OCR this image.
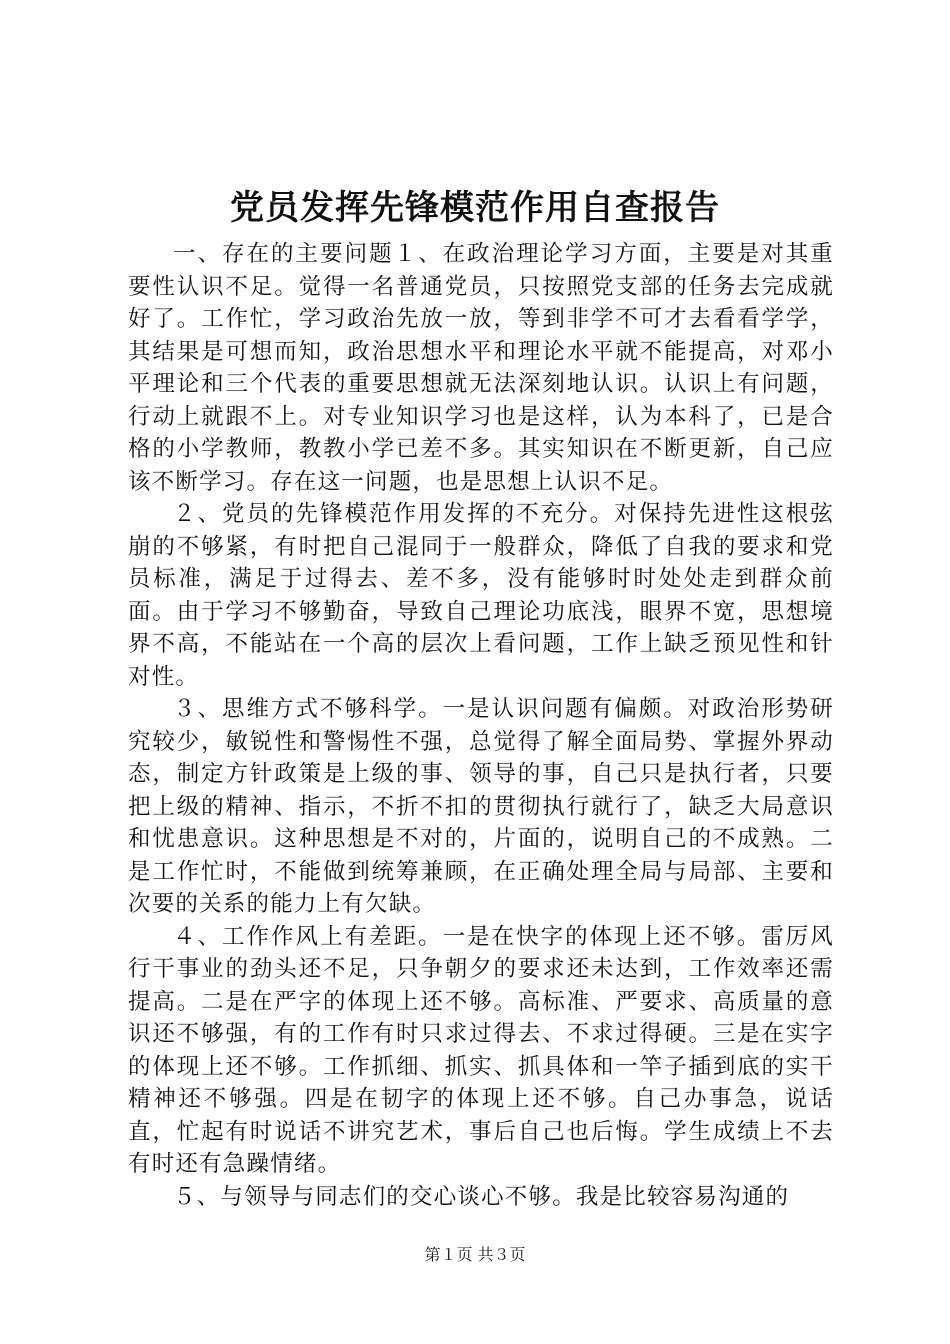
党员发挥先锋模范作用自查报告

一、存在的主要问题１、在政治理论学习方面，主要是对其重要性认识不足。觉得一名普通党员，只按照党支部的任务去完成就好了。工作忙，学习政治先放一放，等到非学不可才去看看学学，其结果是可想而知，政治思想水平和理论水平就不能提高，对邓小平理论和三个代表的重要思想就无法深刻地认识。认识上有问题，行动上就跟不上。对专业知识学习也是这样，认为本科了，已是合格的小学教师，教教小学已差不多。其实知识在不断更新，自己应该不断学习。存在这一问题，也是思想上认识不足。

２、党员的先锋模范作用发挥的不充分。对保持先进性这根弦崩的不够紧，有时把自己混同于一般群众，降低了自我的要求和党员标准，满足于过得去、差不多，没有能够时时处处走到群众前面。由于学习不够勤奋，导致自己理论功底浅，眼界不宽，思想境界不高，不能站在一个高的层次上看问题，工作上缺乏预见性和针对性。

３、思维方式不够科学。一是认识问题有偏颇。对政治形势研究较少，敏锐性和警惕性不强，总觉得了解全面局势、掌握外界动态，制定方针政策是上级的事、领导的事，自己只是执行者，只要把上级的精神、指示，不折不扣的贯彻执行就行了，缺乏大局意识和忧患意识。这种思想是不对的，片面的，说明自己的不成熟。二是工作忙时，不能做到统筹兼顾，在正确处理全局与局部、主要和次要的关系的能力上有欠缺。

４、工作作风上有差距。一是在快字的体现上还不够。雷厉风行干事业的劲头还不足，只争朝夕的要求还未达到，工作效率还需提高。二是在严字的体现上还不够。高标准、严要求、高质量的意识还不够强，有的工作有时只求过得去、不求过得硬。三是在实字的体现上还不够。工作抓细、抓实、抓具体和一竿子插到底的实干精神还不够强。四是在韧字的体现上还不够。自己办事急，说话直，忙起有时说话不讲究艺术，事后自己也后悔。学生成绩上不去有时还有急躁情绪。

５、与领导与同志们的交心谈心不够。我是比较容易沟通的

第１页 共３页
